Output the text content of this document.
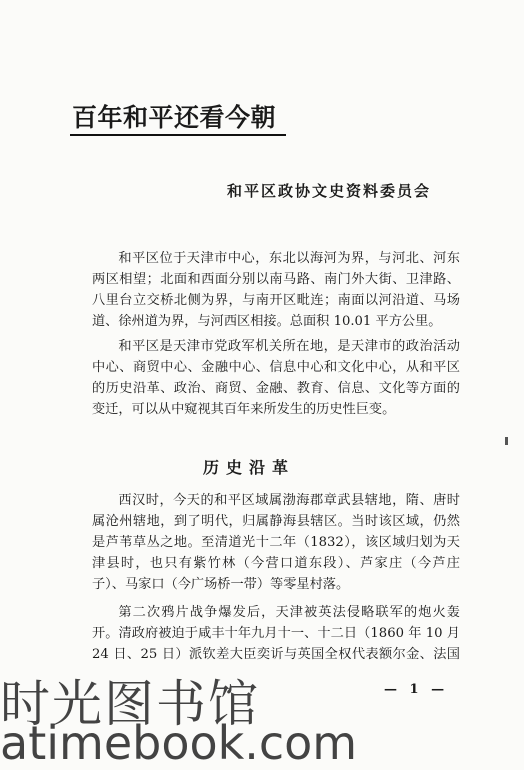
百年和平还看今朝
和平区政协文史资料委员会

和平区位于天津市中心，东北以海河为界，与河北、河东两区相望；北面和西面分别以南马路、南门外大街、卫津路、八里台立交桥北侧为界，与南开区毗连；南面以河沿道、马场道、徐州道为界，与河西区相接。总面积 10.01 平方公里。

和平区是天津市党政军机关所在地，是天津市的政治活动中心、商贸中心、金融中心、信息中心和文化中心，从和平区的历史沿革、政治、商贸、金融、教育、信息、文化等方面的变迁，可以从中窥视其百年来所发生的历史性巨变。

历史沿革

西汉时，今天的和平区域属渤海郡章武县辖地，隋、唐时属沧州辖地，到了明代，归属静海县辖区。当时该区域，仍然是芦苇草丛之地。至清道光十二年（1832），该区域归划为天津县时，也只有紫竹林（今营口道东段）、芦家庄（今芦庄子）、马家口（今广场桥一带）等零星村落。

第二次鸦片战争爆发后，天津被英法侵略联军的炮火轰开。清政府被迫于咸丰十年九月十一、十二日（1860 年 10 月 24 日、25 日）派钦差大臣奕䜣与英国全权代表额尔金、法国

— 1 —
时光图书馆
atimebook.com
